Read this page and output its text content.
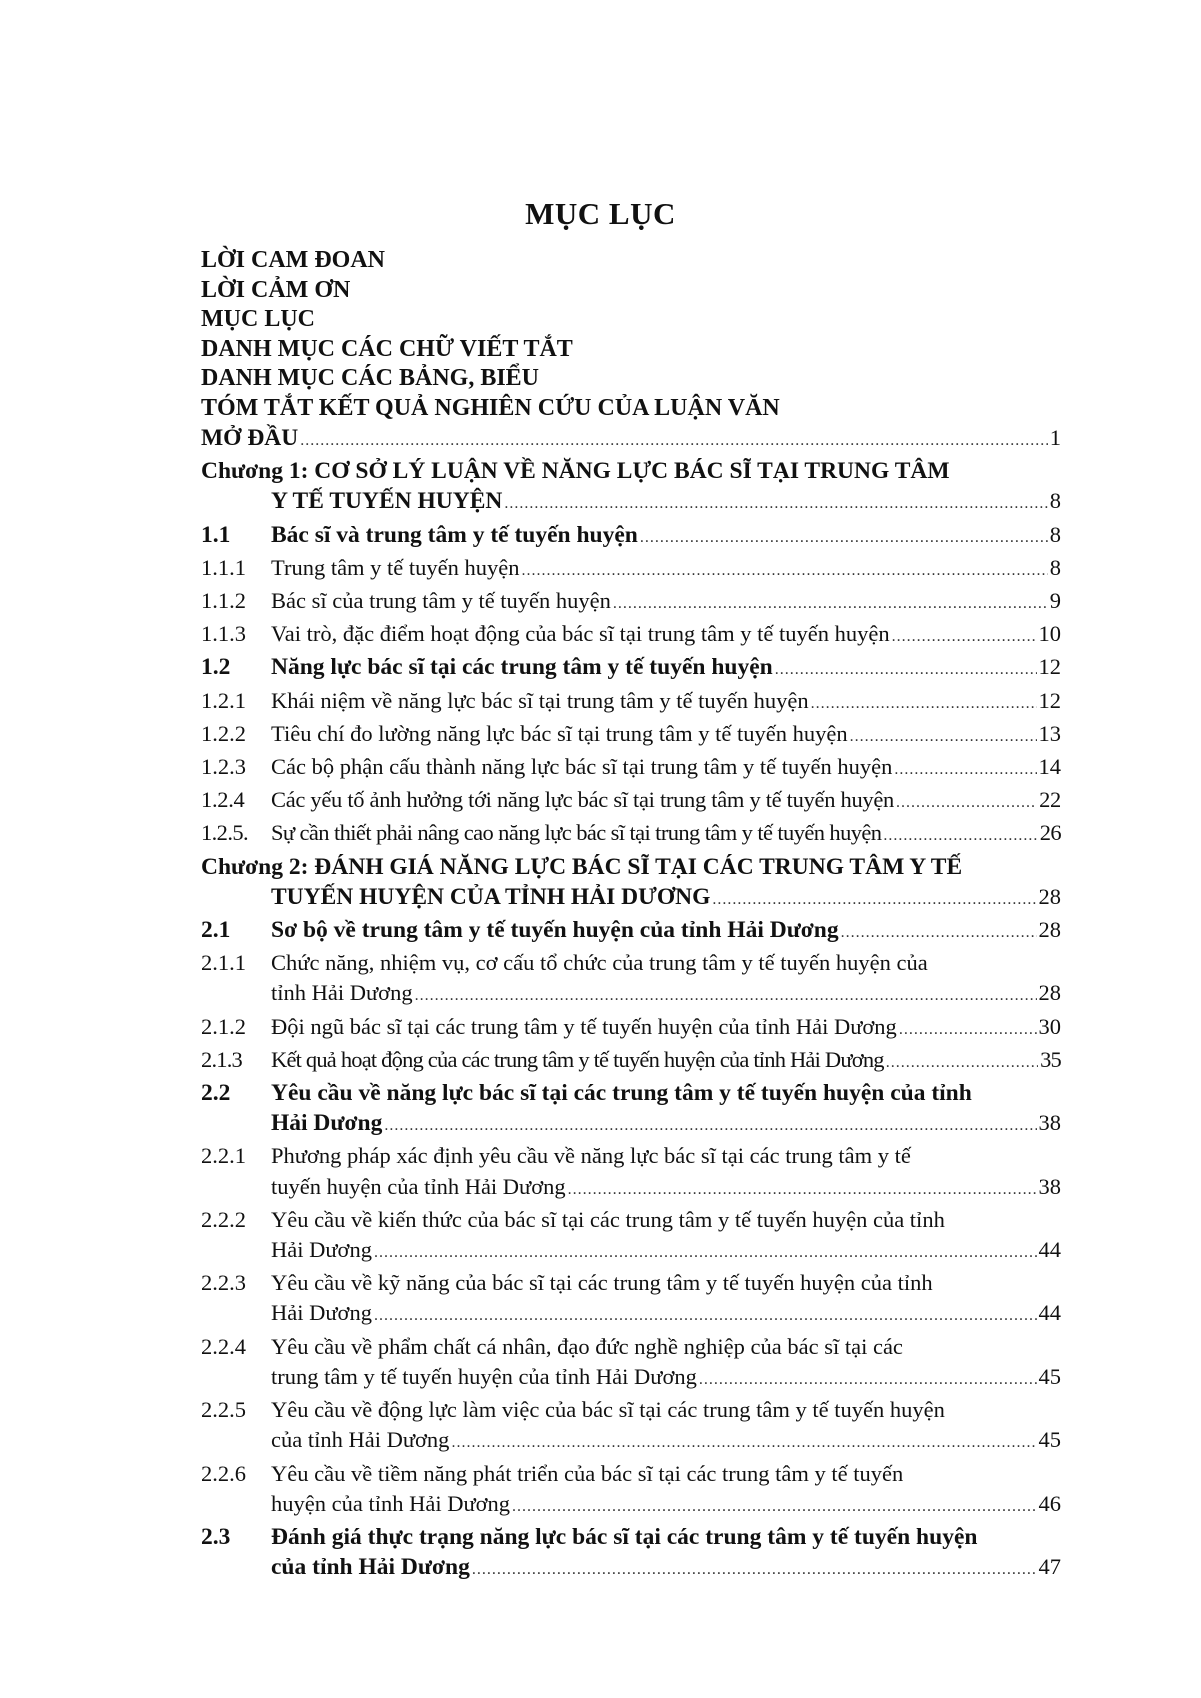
MỤC LỤC
LỜI CAM ĐOAN
LỜI CẢM ƠN
MỤC LỤC
DANH MỤC CÁC CHỮ VIẾT TẮT
DANH MỤC CÁC BẢNG, BIỂU
TÓM TẮT KẾT QUẢ NGHIÊN CỨU CỦA LUẬN VĂN
MỞ ĐẦU .....	1
Chương 1: CƠ SỞ LÝ LUẬN VỀ NĂNG LỰC BÁC SĨ TẠI TRUNG TÂM
Y TẾ TUYẾN HUYỆN .....	8
1.1 Bác sĩ và trung tâm y tế tuyến huyện .....	8
1.1.1 Trung tâm y tế tuyến huyện .....	8
1.1.2 Bác sĩ của trung tâm y tế tuyến huyện .....	9
1.1.3 Vai trò, đặc điểm hoạt động của bác sĩ tại trung tâm y tế tuyến huyện .....	10
1.2 Năng lực bác sĩ tại các trung tâm y tế tuyến huyện .....	12
1.2.1 Khái niệm về năng lực bác sĩ tại trung tâm y tế tuyến huyện .....	12
1.2.2 Tiêu chí đo lường năng lực bác sĩ tại trung tâm y tế tuyến huyện .....	13
1.2.3 Các bộ phận cấu thành năng lực bác sĩ tại trung tâm y tế tuyến huyện .....	14
1.2.4 Các yếu tố ảnh hưởng tới năng lực bác sĩ tại trung tâm y tế tuyến huyện .....	22
1.2.5. Sự cần thiết phải nâng cao năng lực bác sĩ tại trung tâm y tế tuyến huyện .....	26
Chương 2: ĐÁNH GIÁ NĂNG LỰC BÁC SĨ TẠI CÁC TRUNG TÂM Y TẾ
TUYẾN HUYỆN CỦA TỈNH HẢI DƯƠNG .....	28
2.1 Sơ bộ về trung tâm y tế tuyến huyện của tỉnh Hải Dương .....	28
2.1.1 Chức năng, nhiệm vụ, cơ cấu tổ chức của trung tâm y tế tuyến huyện của
tỉnh Hải Dương .....	28
2.1.2 Đội ngũ bác sĩ tại các trung tâm y tế tuyến huyện của tỉnh Hải Dương .....	30
2.1.3 Kết quả hoạt động của các trung tâm y tế tuyến huyện của tỉnh Hải Dương .....	35
2.2 Yêu cầu về năng lực bác sĩ tại các trung tâm y tế tuyến huyện của tỉnh
Hải Dương .....	38
2.2.1 Phương pháp xác định yêu cầu về năng lực bác sĩ tại các trung tâm y tế
tuyến huyện của tỉnh Hải Dương .....	38
2.2.2 Yêu cầu về kiến thức của bác sĩ tại các trung tâm y tế tuyến huyện của tỉnh
Hải Dương .....	44
2.2.3 Yêu cầu về kỹ năng của bác sĩ tại các trung tâm y tế tuyến huyện của tỉnh
Hải Dương .....	44
2.2.4 Yêu cầu về phẩm chất cá nhân, đạo đức nghề nghiệp của bác sĩ tại các
trung tâm y tế tuyến huyện của tỉnh Hải Dương .....	45
2.2.5 Yêu cầu về động lực làm việc của bác sĩ tại các trung tâm y tế tuyến huyện
của tỉnh Hải Dương .....	45
2.2.6 Yêu cầu về tiềm năng phát triển của bác sĩ tại các trung tâm y tế tuyến
huyện của tỉnh Hải Dương .....	46
2.3 Đánh giá thực trạng năng lực bác sĩ tại các trung tâm y tế tuyến huyện
của tỉnh Hải Dương .....	47
